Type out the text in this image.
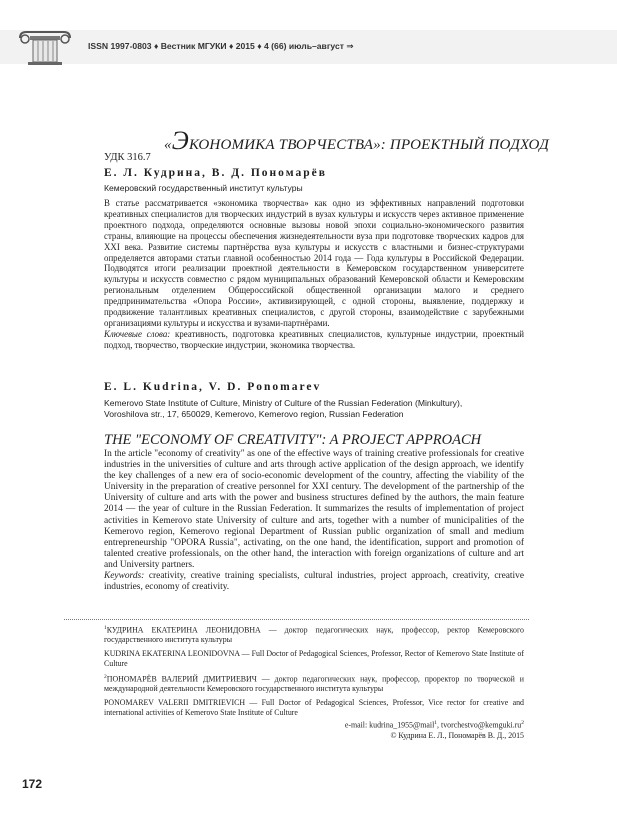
ISSN 1997-0803 ♦ Вестник МГУКИ ♦ 2015 ♦ 4 (66) июль–август ⇒
«ЭКОНОМИКА ТВОРЧЕСТВА»: ПРОЕКТНЫЙ ПОДХОД
УДК 316.7
Е. Л. Кудрина, В. Д. Пономарёв
Кемеровский государственный институт культуры

В статье рассматривается «экономика творчества» как одно из эффективных направлений подготовки креативных специалистов для творческих индустрий в вузах культуры и искусств через активное применение проектного подхода, определяются основные вызовы новой эпохи социально-экономического развития страны, влияющие на процессы обеспечения жизнедеятельности вуза при подготовке творческих кадров для XXI века. Развитие системы партнёрства вуза культуры и искусств с властными и бизнес-структурами определяется авторами статьи главной особенностью 2014 года — Года культуры в Российской Федерации. Подводятся итоги реализации проектной деятельности в Кемеровском государственном университете культуры и искусств совместно с рядом муниципальных образований Кемеровской области и Кемеровским региональным отделением Общероссийской общественной организации малого и среднего предпринимательства «Опора России», активизирующей, с одной стороны, выявление, поддержку и продвижение талантливых креативных специалистов, с другой стороны, взаимодействие с зарубежными организациями культуры и искусства и вузами-партнёрами.
Ключевые слова: креативность, подготовка креативных специалистов, культурные индустрии, проектный подход, творчество, творческие индустрии, экономика творчества.

E. L. Kudrina, V. D. Ponomarev
Kemerovo State Institute of Culture, Ministry of Culture of the Russian Federation (Minkultury),
Voroshilova str., 17, 650029, Kemerovo, Kemerovo region, Russian Federation
THE "ECONOMY OF CREATIVITY": A PROJECT APPROACH

In the article "economy of creativity" as one of the effective ways of training creative professionals for creative industries in the universities of culture and arts through active application of the design approach, we identify the key challenges of a new era of socio-economic development of the country, affecting the viability of the University in the preparation of creative personnel for XXI century. The development of the partnership of the University of culture and arts with the power and business structures defined by the authors, the main feature 2014 — the year of culture in the Russian Federation. It summarizes the results of implementation of project activities in Kemerovo state University of culture and arts, together with a number of municipalities of the Kemerovo region, Kemerovo regional Department of Russian public organization of small and medium entrepreneurship "OPORA Russia", activating, on the one hand, the identification, support and promotion of talented creative professionals, on the other hand, the interaction with foreign organizations of culture and art and University partners.
Keywords: creativity, creative training specialists, cultural industries, project approach, creativity, creative industries, economy of creativity.

$^1$КУДРИНА ЕКАТЕРИНА ЛЕОНИДОВНА — доктор педагогических наук, профессор, ректор Кемеровского государственного института культуры

KUDRINA EKATERINA LEONIDOVNA — Full Doctor of Pedagogical Sciences, Professor, Rector of Kemerovo State Institute of Culture

$^2$ПОНОМАРЁВ ВАЛЕРИЙ ДМИТРИЕВИЧ — доктор педагогических наук, профессор, проректор по творческой и международной деятельности Кемеровского государственного института культуры

PONOMAREV VALERII DMITRIEVICH — Full Doctor of Pedagogical Sciences, Professor, Vice rector for creative and international activities of Kemerovo State Institute of Culture

e-mail: kudrina_1955@mail$^1$, $tvorchestvo@kemguki.ru^2$
© Кудрина Е. Л., Пономарёв В. Д., 2015
172
